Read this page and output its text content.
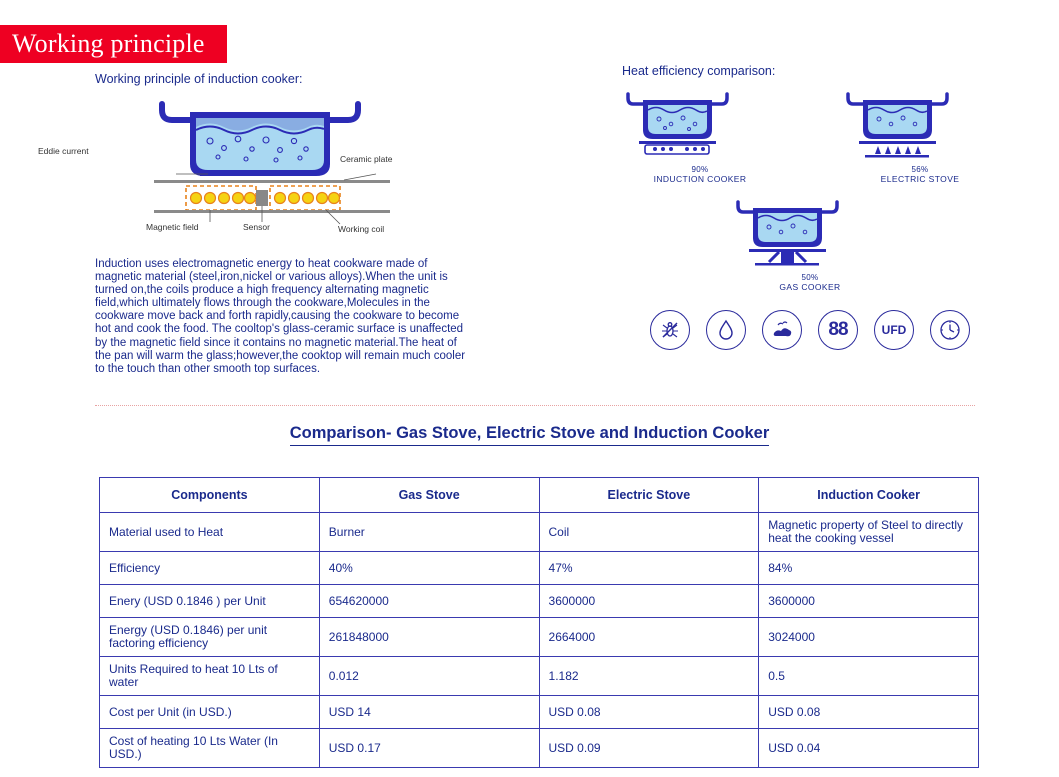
Working principle

Working principle of induction cooker:

Eddie current
Ceramic plate
Magnetic field	Sensor	Working coil

Induction uses electromagnetic energy to heat cookware made of magnetic material (steel,iron,nickel or various alloys).When the unit is turned on,the coils produce a high frequency alternating magnetic field,which ultimately flows through the cookware,Molecules in the cookware move back and forth rapidly,causing the cookware to become hot and cook the food. The cooltop's glass-ceramic surface is unaffected by the magnetic field since it contains no magnetic material.The heat of the pan will warm the glass;however,the cooktop will remain much cooler to the touch than other smooth top surfaces.

Heat efficiency comparison:

90%
INDUCTION COOKER
56%
ELECTRIC STOVE
50%
GAS COOKER
88	UFD
Comparison- Gas Stove, Electric Stove and Induction Cooker
Components	Gas Stove	Electric Stove	Induction Cooker
Material used to Heat	Burner	Coil	Magnetic property of Steel to directly heat the cooking vessel
Efficiency	40%	47%	84%
Enery (USD 0.1846 ) per Unit	654620000	3600000	3600000
Energy (USD 0.1846) per unit factoring efficiency	261848000	2664000	3024000
Units Required to heat 10 Lts of water	0.012	1.182	0.5
Cost per Unit (in USD.)	USD 14	USD 0.08	USD 0.08
Cost of heating 10 Lts Water (In USD.)	USD 0.17	USD 0.09	USD 0.04
